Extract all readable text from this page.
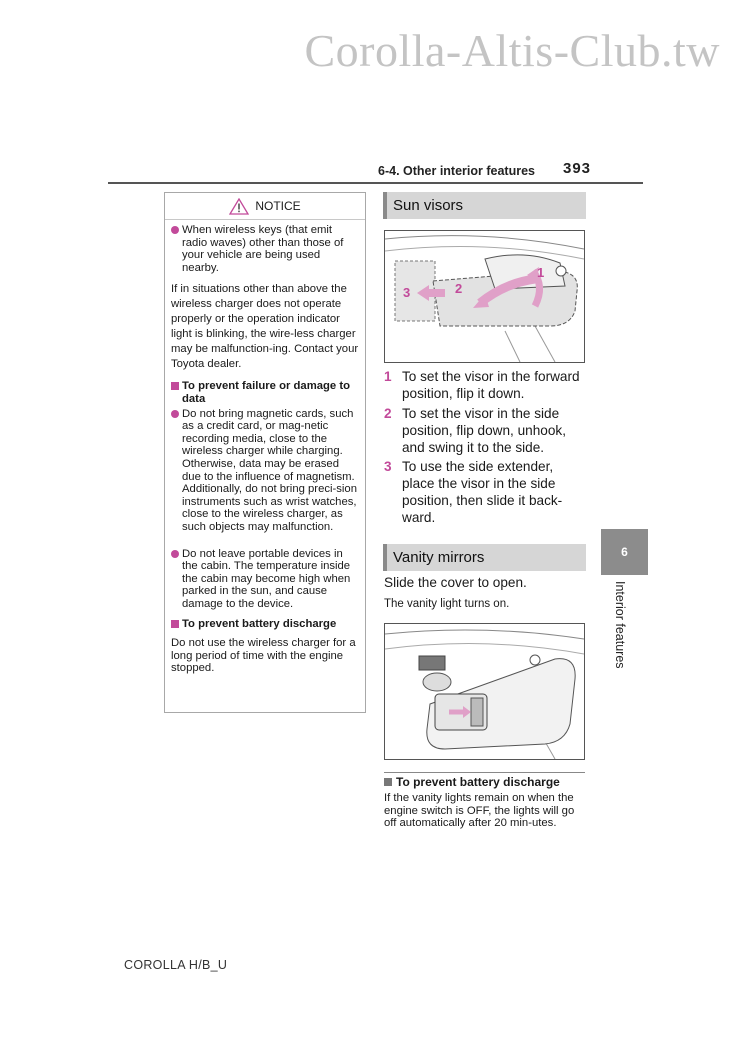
Corolla-Altis-Club.tw
6-4. Other interior features 393
NOTICE
When wireless keys (that emit radio waves) other than those of your vehicle are being used nearby.

If in situations other than above the wireless charger does not operate properly or the operation indicator light is blinking, the wire-less charger may be malfunction-ing. Contact your Toyota dealer.

To prevent failure or damage to data
Do not bring magnetic cards, such as a credit card, or mag-netic recording media, close to the wireless charger while charging. Otherwise, data may be erased due to the influence of magnetism.
Additionally, do not bring preci-sion instruments such as wrist watches, close to the wireless charger, as such objects may malfunction.
Do not leave portable devices in the cabin. The temperature inside the cabin may become high when parked in the sun, and cause damage to the device.
To prevent battery discharge

Do not use the wireless charger for a long period of time with the engine stopped.

Sun visors
1
2
3
1 To set the visor in the forward position, flip it down.
2 To set the visor in the side position, flip down, unhook, and swing it to the side.
3 To use the side extender, place the visor in the side position, then slide it back-ward.
Vanity mirrors
Slide the cover to open.
The vanity light turns on.
To prevent battery discharge
If the vanity lights remain on when the engine switch is OFF, the lights will go off automatically after 20 min-utes.
6
Interior features
COROLLA H/B_U
